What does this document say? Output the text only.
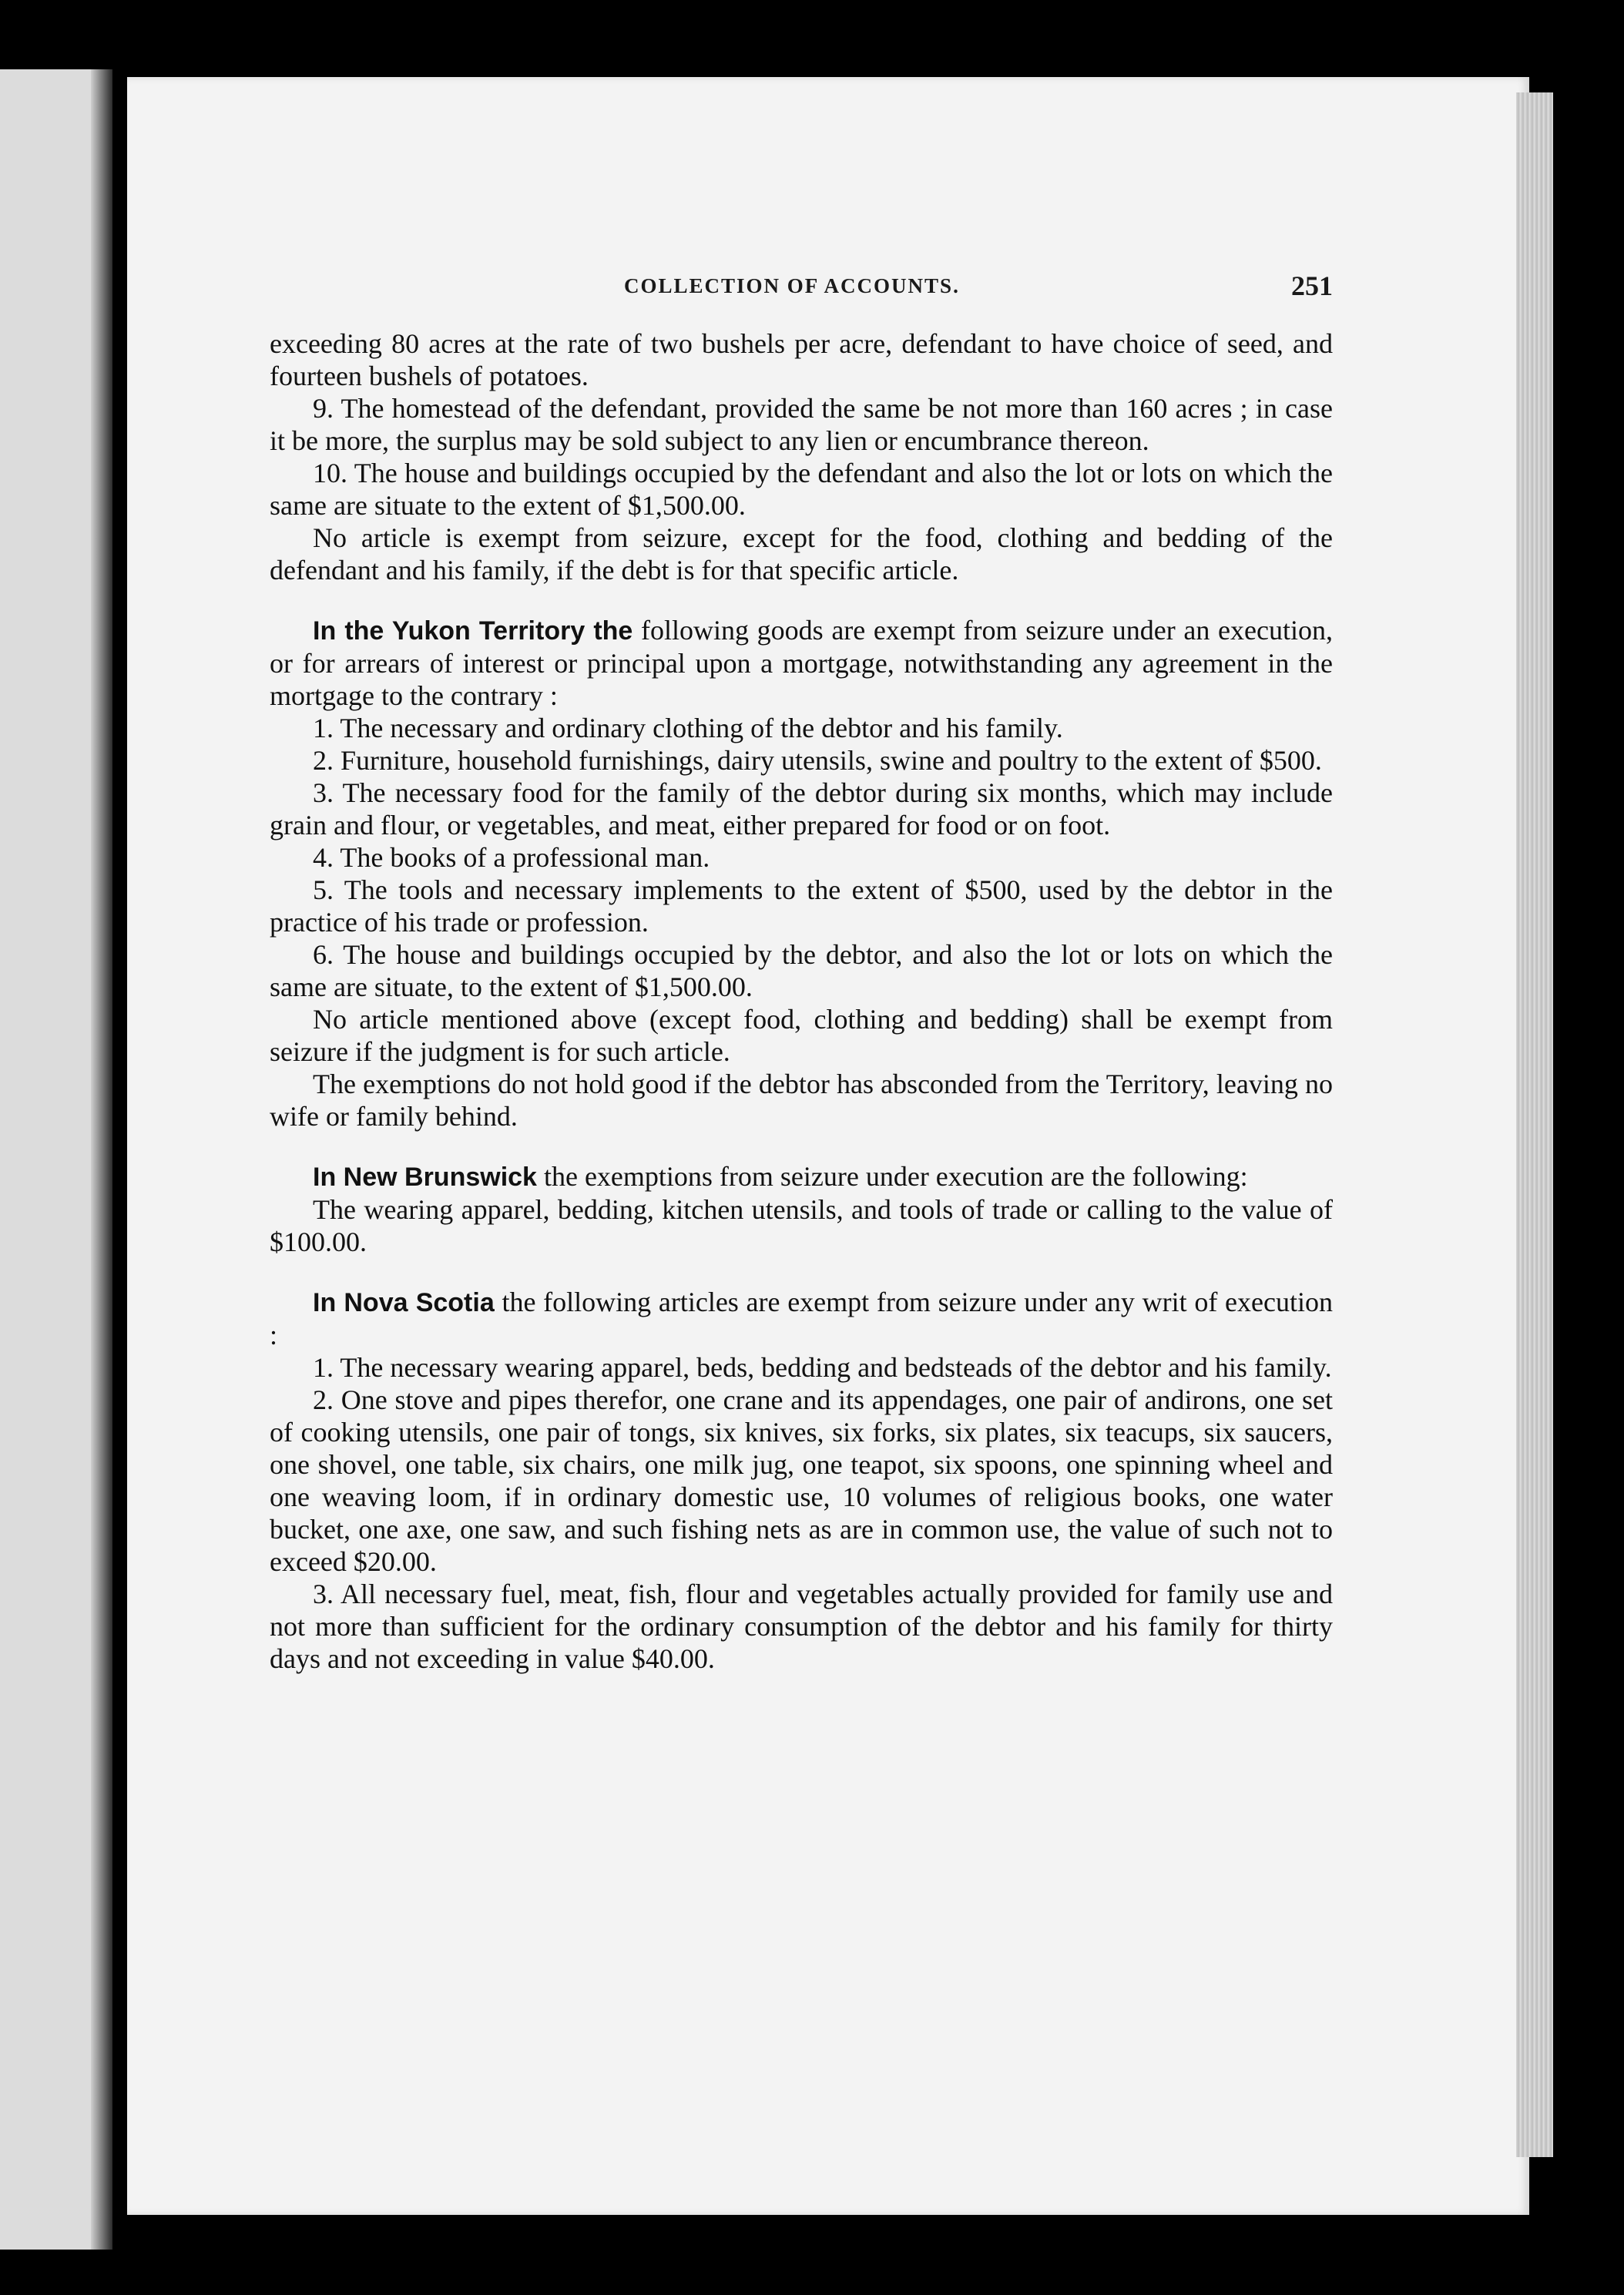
COLLECTION OF ACCOUNTS.	251

exceeding 80 acres at the rate of two bushels per acre, defendant to have choice of seed, and fourteen bushels of potatoes.

9. The homestead of the defendant, provided the same be not more than 160 acres ; in case it be more, the surplus may be sold subject to any lien or encumbrance thereon.

10. The house and buildings occupied by the defendant and also the lot or lots on which the same are situate to the extent of $1,500.00.

No article is exempt from seizure, except for the food, clothing and bedding of the defendant and his family, if the debt is for that specific article.

In the Yukon Territory the following goods are exempt from seizure under an execution, or for arrears of interest or principal upon a mortgage, notwithstanding any agreement in the mortgage to the contrary :

1. The necessary and ordinary clothing of the debtor and his family.

2. Furniture, household furnishings, dairy utensils, swine and poultry to the extent of $500.

3. The necessary food for the family of the debtor during six months, which may include grain and flour, or vegetables, and meat, either prepared for food or on foot.

4. The books of a professional man.

5. The tools and necessary implements to the extent of $500, used by the debtor in the practice of his trade or profession.

6. The house and buildings occupied by the debtor, and also the lot or lots on which the same are situate, to the extent of $1,500.00.

No article mentioned above (except food, clothing and bedding) shall be exempt from seizure if the judgment is for such article.

The exemptions do not hold good if the debtor has absconded from the Territory, leaving no wife or family behind.

In New Brunswick the exemptions from seizure under execution are the following:

The wearing apparel, bedding, kitchen utensils, and tools of trade or calling to the value of $100.00.

In Nova Scotia the following articles are exempt from seizure under any writ of execution :

1. The necessary wearing apparel, beds, bedding and bedsteads of the debtor and his family.

2. One stove and pipes therefor, one crane and its appendages, one pair of andirons, one set of cooking utensils, one pair of tongs, six knives, six forks, six plates, six teacups, six saucers, one shovel, one table, six chairs, one milk jug, one teapot, six spoons, one spinning wheel and one weaving loom, if in ordinary domestic use, 10 volumes of religious books, one water bucket, one axe, one saw, and such fishing nets as are in common use, the value of such not to exceed $20.00.

3. All necessary fuel, meat, fish, flour and vegetables actually provided for family use and not more than sufficient for the ordinary consumption of the debtor and his family for thirty days and not exceeding in value $40.00.
